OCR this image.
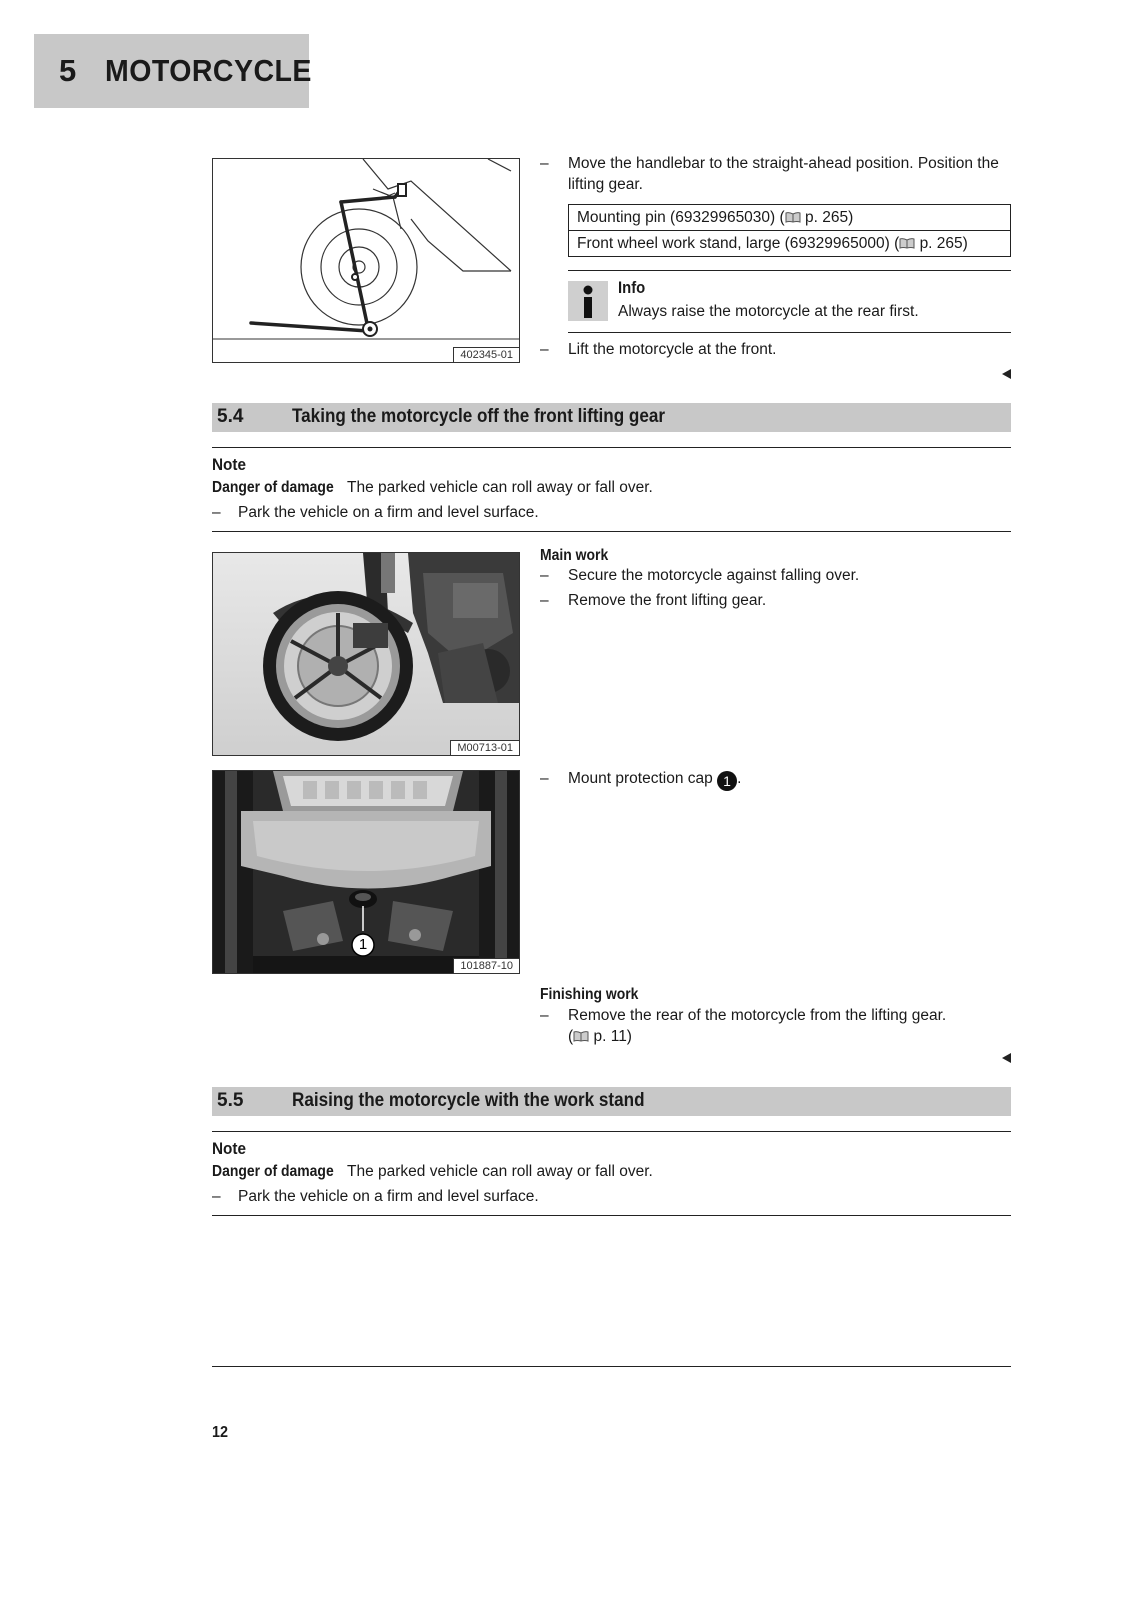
5 MOTORCYCLE
402345-01
– Move the handlebar to the straight-ahead position. Position the
lifting gear.
Mounting pin (69329965030) ( p. 265)
Front wheel work stand, large (69329965000) ( p. 265)
Info
Always raise the motorcycle at the rear first.
– Lift the motorcycle at the front.
5.4	Taking the motorcycle off the front lifting gear
Note
Danger of damage The parked vehicle can roll away or fall over.
– Park the vehicle on a firm and level surface.
M00713-01
Main work
– Secure the motorcycle against falling over.
– Remove the front lifting gear.
1
101887-10
– Mount protection cap 1 .
Finishing work
– Remove the rear of the motorcycle from the lifting gear.
( p. 11)
5.5	Raising the motorcycle with the work stand
Note
Danger of damage The parked vehicle can roll away or fall over.
– Park the vehicle on a firm and level surface.
12
